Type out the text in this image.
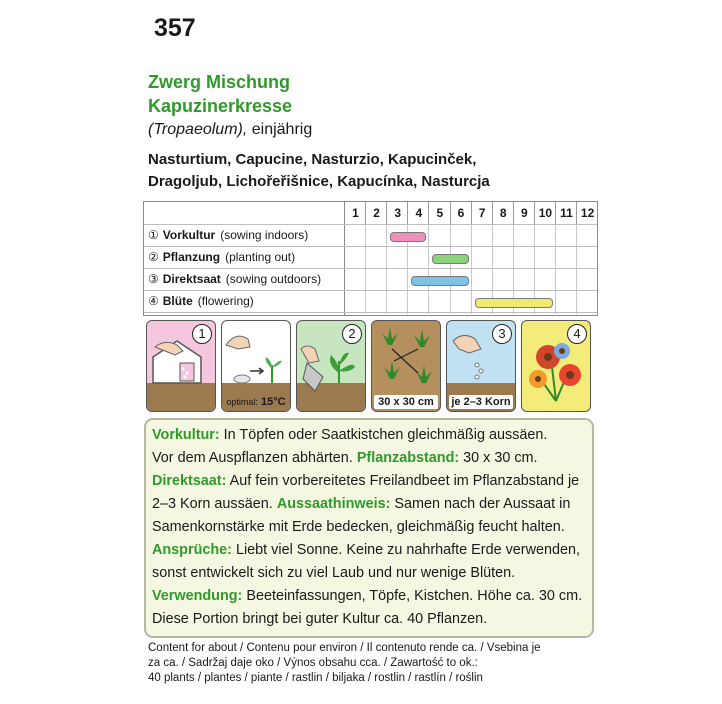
357
Zwerg Mischung
Kapuzinerkresse
(Tropaeolum), einjährig
Nasturtium, Capucine, Nasturzio, Kapucinček,
Dragoljub, Lichořeřišnice, Kapucínka, Nasturcja
1	2	3	4	5	6	7	8	9 10 11 12
① Vorkultur (sowing indoors)
② Pflanzung (planting out)
③ Direktsaat (sowing outdoors)
④ Blüte (flowering)
1
optimal: 15°C
2
30 x 30 cm
3
je 2–3 Korn
4
Vorkultur: In Töpfen oder Saatkistchen gleichmäßig aussäen.
Vor dem Auspflanzen abhärten. Pflanzabstand: 30 x 30 cm.
Direktsaat: Auf fein vorbereitetes Freilandbeet im Pflanzabstand je
2–3 Korn aussäen. Aussaathinweis: Samen nach der Aussaat in
Samenkornstärke mit Erde bedecken, gleichmäßig feucht halten.
Ansprüche: Liebt viel Sonne. Keine zu nahrhafte Erde verwenden,
sonst entwickelt sich zu viel Laub und nur wenige Blüten.
Verwendung: Beeteinfassungen, Töpfe, Kistchen. Höhe ca. 30 cm.
Diese Portion bringt bei guter Kultur ca. 40 Pflanzen.
Content for about / Contenu pour environ / Il contenuto rende ca. / Vsebina je
za ca. / Sadržaj daje oko / Výnos obsahu cca. / Zawartość to ok.:
40 plants / plantes / piante / rastlin / biljaka / rostlin / rastlín / roślin
